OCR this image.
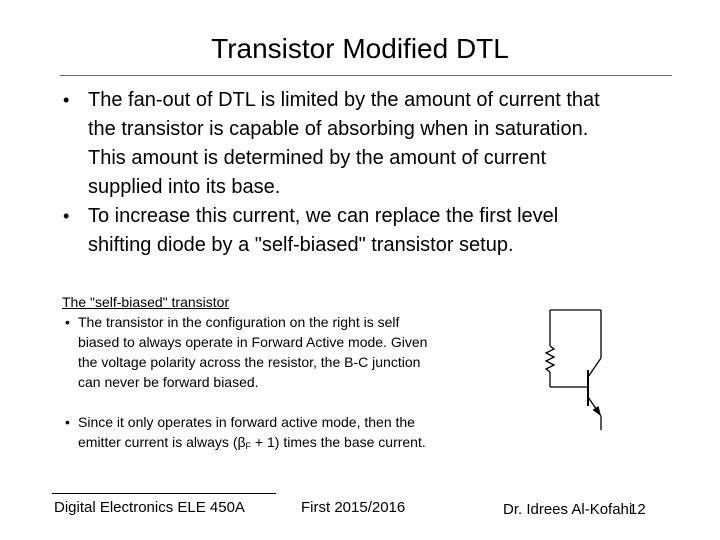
Transistor Modified DTL
• The fan-out of DTL is limited by the amount of current that
the transistor is capable of absorbing when in saturation.
This amount is determined by the amount of current
supplied into its base.
• To increase this current, we can replace the first level
shifting diode by a "self-biased" transistor setup.
The "self-biased" transistor
• The transistor in the configuration on the right is self
biased to always operate in Forward Active mode. Given
the voltage polarity across the resistor, the B-C junction
can never be forward biased.
• Since it only operates in forward active mode, then the
emitter current is always $(\beta_F + 1)$ times the base current.
Digital Electronics ELE 450A	First 2015/2016	Dr. Idrees Al-Kofahi
12
